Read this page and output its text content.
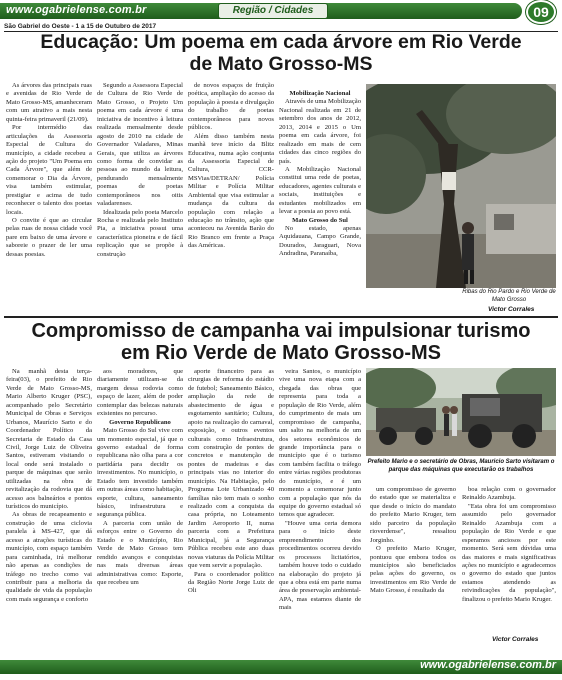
www.ogabrielense.com.br	Região / Cidades	09
São Gabriel do Oeste - 1 a 15 de Outubro de 2017
Educação: Um poema em cada árvore em Rio Verde
de Mato Grosso-MS

As árvores das principais ruas e avenidas de Rio Verde de Mato Grosso-MS, amanheceram com um atrativo a mais nesta quinta-feira primaveril (21/09).

Por intermédio das articulações da Assessoria Especial de Cultura do município, a cidade recebeu a ação do projeto "Um Poema em Cada Árvore", que além de comemorar o Dia da Árvore, visa também estimular, prestigiar e acima de tudo reconhecer o talento dos poetas locais.

O convite é que ao circular pelas ruas de nossa cidade você pare em baixo de uma árvore e saboreie o prazer de ler uma dessas poesias.

Segundo a Assessora Especial de Cultura de Rio Verde de Mato Grosso, o Projeto Um poema em cada árvore é uma iniciativa de incentivo à leitura realizada mensalmente desde agosto de 2010 na cidade de Governador Valadares, Minas Gerais, que utiliza as árvores como forma de convidar as pessoas ao mundo da leitura, pendurando mensalmente poemas de poetas contemporâneos nos oitis valadarenses.

Idealizada pelo poeta Marcelo Rocha e realizada pelo Instituto Pia, a iniciativa possui uma característica pioneira e de fácil replicação que se propõe à construção

de novos espaços de fruição poética, ampliação do acesso da população à poesia e divulgação do trabalho de poetas contemporâneos para novos públicos.

Além disso também nesta manhã teve início da Blitz Educativa, numa ação conjunta da Assessoria Especial de Cultura, CCR-MSVias/DETRAN/ Polícia Militar e Polícia Militar Ambiental que visa estimular a mudança da cultura da população com relação a educação no trânsito, ação que aconteceu na Avenida Barão do Rio Branco em frente a Praça das Américas.

Mobilização Nacional

Através de uma Mobilização Nacional realizada em 21 de setembro dos anos de 2012, 2013, 2014 e 2015 o Um poema em cada árvore, foi realizado em mais de cem cidades das cinco regiões do país.

A Mobilização Nacional constitui uma rede de poetas, educadores, agentes culturais e sociais, instituições e estudantes mobilizados em levar a poesia ao povo está.

Mato Grosso do Sul

No estado, apenas Aquidauana, Campo Grande, Dourados, Jaraguari, Nova Andradina, Paranaíba,

Ribas do Rio Pardo e Rio Verde de Mato Grosso
Victor Corrales
Compromisso de campanha vai impulsionar turismo
em Rio Verde de Mato Grosso-MS

Na manhã desta terça-feira(03), o prefeito de Rio Verde de Mato Grosso-MS, Mario Alberto Kruger (PSC), acompanhado pelo Secretário Municipal de Obras e Serviços Urbanos, Maurício Sarto e do Coordenador Político da Secretaria de Estado da Casa Civil, Jorge Luiz de Oliveira Santos, estiveram visitando o local onde será instalado o parque de máquinas que serão utilizadas na obra de revitalização da rodovia que dá acesso aos balneários e pontos turísticos do município.

As obras de recapeamento e construção de uma ciclovia paralela à MS-427, que dá acesso a atrações turísticas do município, com espaço também para caminhada, irá melhorar não apenas as condições de tráfego no trecho como vai contribuir para a melhoria da qualidade de vida da população com mais segurança e conforto

aos moradores, que diariamente utilizam-se da margem dessa rodovia como espaço de lazer, além de poder contemplar das belezas naturais existentes no percurso.

Governo Republicano

Mato Grosso do Sul vive com um momento especial, já que o governo estadual de forma republicana não olha para a cor partidária para decidir os investimentos. No município, o Estado tem investido também em outras áreas como habitação, esporte, cultura, saneamento básico, infraestrutura e segurança pública.

A parceria com união de esforços entre o Governo do Estado e o Município, Rio Verde de Mato Grosso tem rendido avanços e conquistas nas mais diversas áreas administrativas como: Esporte, que recebeu um

aporte financeiro para as cirurgias de reforma do estádio de futebol; Saneamento Básico, ampliação da rede de abastecimento de água e esgotamento sanitário; Cultura, apoio na realização do carnaval, exposição, e outros eventos culturais como Infraestrutura, com construção de pontes de concretos e manutenção de pontes de madeiras e das principais vias no interior do município. Na Habitação, pelo Programa Lote Urbanizado 40 famílias não tem mais o sonho realizado com a conquista da casa própria, no Loteamento Jardim Aeroporto II, numa parceria com a Prefeitura Municipal, já a Segurança Pública recebeu este ano duas novas viaturas da Polícia Militar que vem servir a população.

Para o coordenador político da Região Norte Jorge Luiz de Oli

veira Santos, o município vive uma nova etapa com a chegada das obras que representa para toda a população de Rio Verde, além do cumprimento de mais um compromisso de campanha, um salto na melhoria de um dos setores econômicos de grande importância para o município que é o turismo com também facilita o tráfego entre várias regiões produtoras do município, e é um momento a comemorar junto com a população que nós da equipe do governo estadual só temos que agradecer.

"Houve uma certa demora para o início deste empreendimento dos procedimentos ocorreu devido os processos licitatórios, também houve todo o cuidado na elaboração do projeto já que a obra está em parte numa área de preservação ambiental-APA, mas estamos diante de mais

Prefeito Mario e o secretário de Obras, Mauricio Sarto visitaram o parque das máquinas que executarão os trabalhos

um compromisso de governo do estado que se materializa e que desde o início do mandato do prefeito Mario Kruger, tem sido parceiro da população rioverdense", ressaltou Jorginho.

O prefeito Mario Kruger, pontuou que embora todos os municípios são beneficiados pelas ações do governo, os investimentos em Rio Verde de Mato Grosso, é resultado da

boa relação com o governador Reinaldo Azambuja.

"Esta obra foi um compromisso assumido pelo governador Reinaldo Azambuja com a população de Rio Verde e que esperamos anciosos por este momento. Será sem dúvidas uma das maiores e mais significativas ações no município e agradecemos o governo do estado que juntos estamos atendendo as reivindicações da população", finalizou o prefeito Mario Kruger.

Victor Corrales
www.ogabrielense.com.br
